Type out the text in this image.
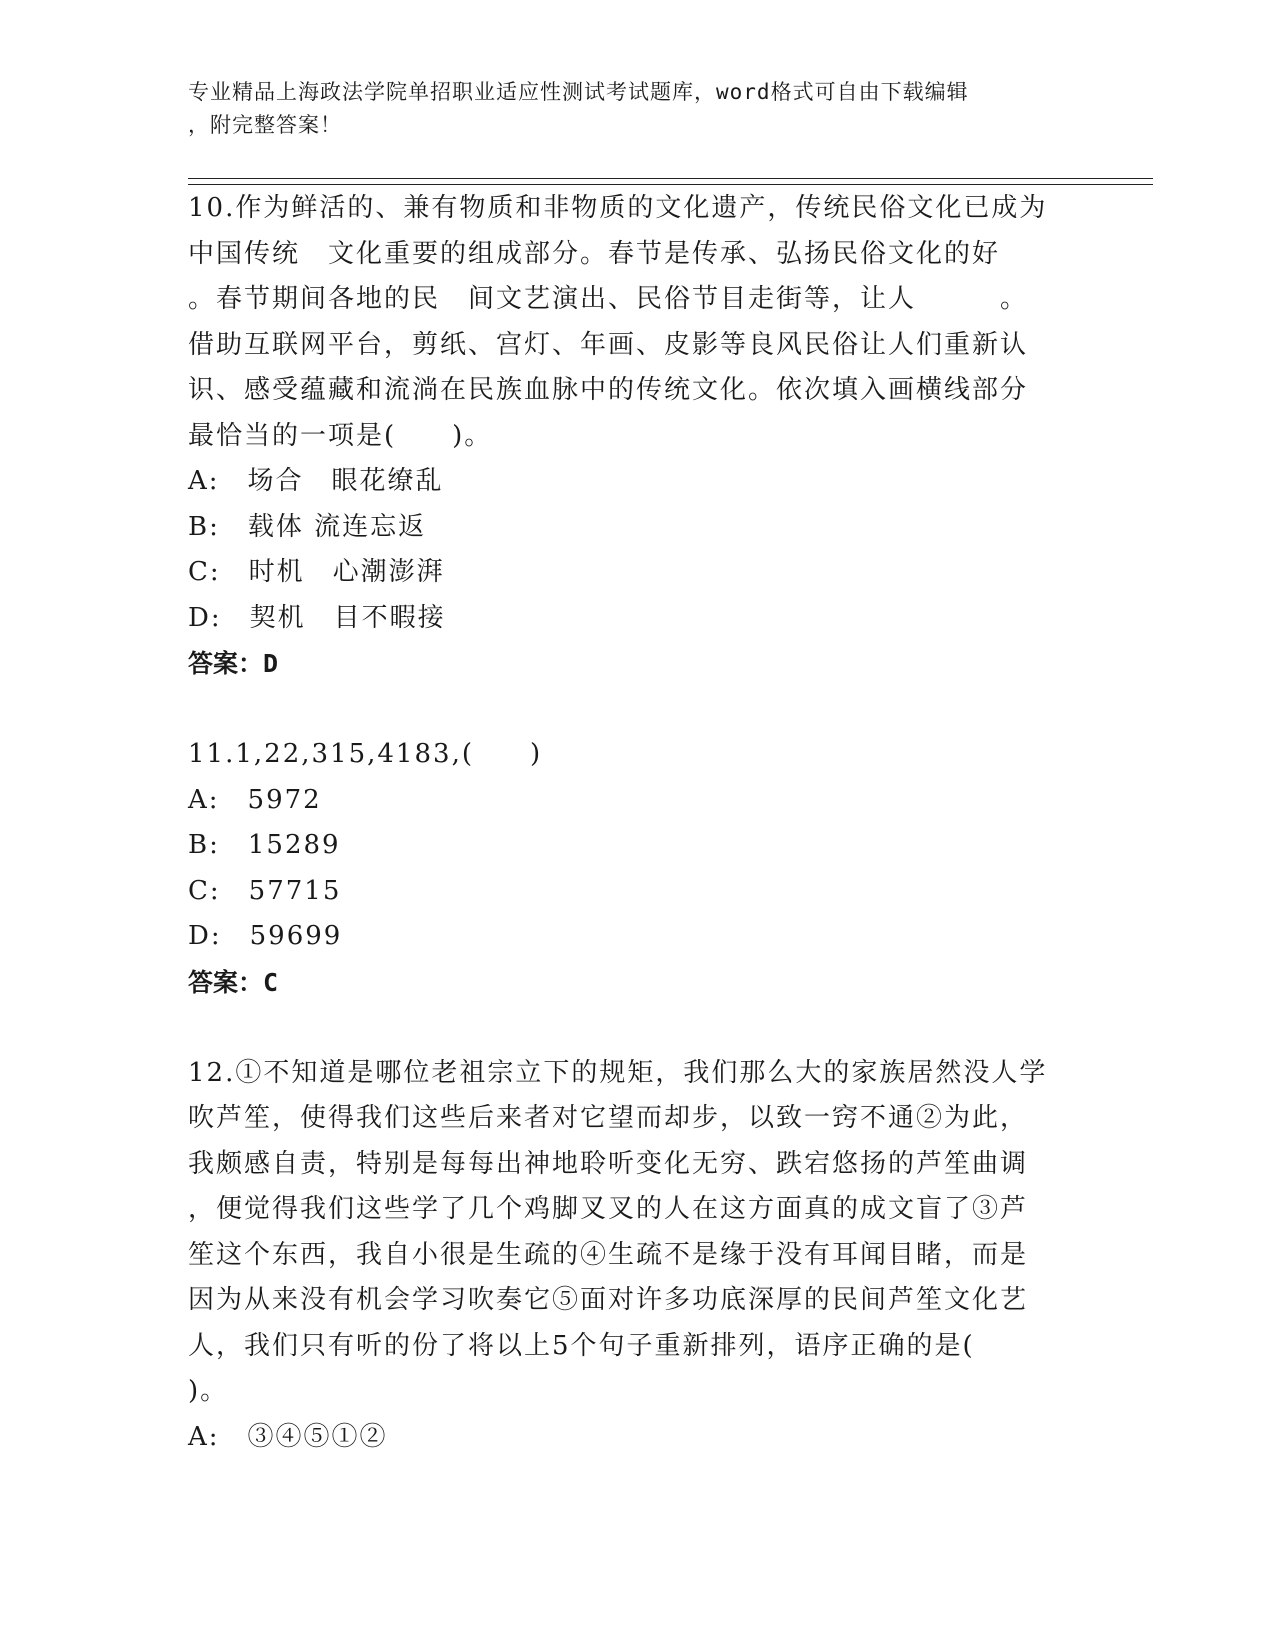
专业精品上海政法学院单招职业适应性测试考试题库，word格式可自由下载编辑
，附完整答案！
10.作为鲜活的、兼有物质和非物质的文化遗产，传统民俗文化已成为
中国传统　文化重要的组成部分。春节是传承、弘扬民俗文化的好
。春节期间各地的民　间文艺演出、民俗节目走街等，让人　　　。
借助互联网平台，剪纸、宫灯、年画、皮影等良风民俗让人们重新认
识、感受蕴藏和流淌在民族血脉中的传统文化。依次填入画横线部分
最恰当的一项是(　　)。
A:　场合　眼花缭乱
B:　载体 流连忘返
C:　时机　心潮澎湃
D:　契机　目不暇接
答案：D
11.1,22,315,4183,(　　)
A:　5972
B:　15289
C:　57715
D:　59699
答案：C
12.①不知道是哪位老祖宗立下的规矩，我们那么大的家族居然没人学
吹芦笙，使得我们这些后来者对它望而却步，以致一窍不通②为此，
我颇感自责，特别是每每出神地聆听变化无穷、跌宕悠扬的芦笙曲调
，便觉得我们这些学了几个鸡脚叉叉的人在这方面真的成文盲了③芦
笙这个东西，我自小很是生疏的④生疏不是缘于没有耳闻目睹，而是
因为从来没有机会学习吹奏它⑤面对许多功底深厚的民间芦笙文化艺
人，我们只有听的份了将以上5个句子重新排列，语序正确的是(
)。
A:　③④⑤①②
